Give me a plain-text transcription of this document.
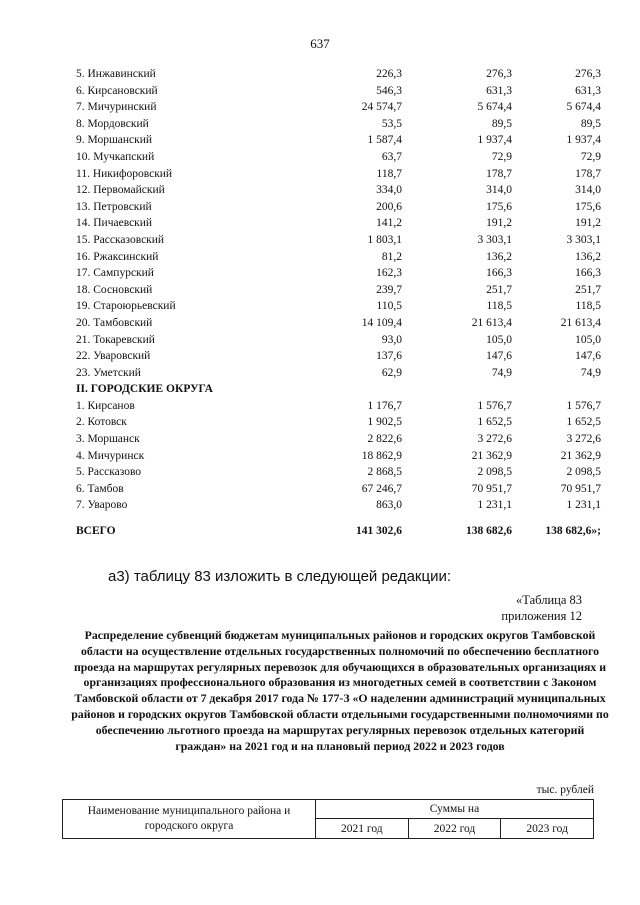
637
5. Инжавинский	226,3	276,3	276,3
6. Кирсановский	546,3	631,3	631,3
7. Мичуринский	24 574,7	5 674,4	5 674,4
8. Мордовский	53,5	89,5	89,5
9. Моршанский	1 587,4	1 937,4	1 937,4
10. Мучкапский	63,7	72,9	72,9
11. Никифоровский	118,7	178,7	178,7
12. Первомайский	334,0	314,0	314,0
13. Петровский	200,6	175,6	175,6
14. Пичаевский	141,2	191,2	191,2
15. Рассказовский	1 803,1	3 303,1	3 303,1
16. Ржаксинский	81,2	136,2	136,2
17. Сампурский	162,3	166,3	166,3
18. Сосновский	239,7	251,7	251,7
19. Староюрьевский	110,5	118,5	118,5
20. Тамбовский	14 109,4	21 613,4	21 613,4
21. Токаревский	93,0	105,0	105,0
22. Уваровский	137,6	147,6	147,6
23. Уметский	62,9	74,9	74,9
II. ГОРОДСКИЕ ОКРУГА			
1. Кирсанов	1 176,7	1 576,7	1 576,7
2. Котовск	1 902,5	1 652,5	1 652,5
3. Моршанск	2 822,6	3 272,6	3 272,6
4. Мичуринск	18 862,9	21 362,9	21 362,9
5. Рассказово	2 868,5	2 098,5	2 098,5
6. Тамбов	67 246,7	70 951,7	70 951,7
7. Уварово	863,0	1 231,1	1 231,1
ВСЕГО	141 302,6	138 682,6	138 682,6»;
а3) таблицу 83 изложить в следующей редакции:
«Таблица 83
приложения 12
Распределение субвенций бюджетам муниципальных районов и городских округов Тамбовской области на осуществление отдельных государственных полномочий по обеспечению бесплатного проезда на маршрутах регулярных перевозок для обучающихся в образовательных организациях и организациях профессионального образования из многодетных семей в соответствии с Законом Тамбовской области от 7 декабря 2017 года № 177-З «О наделении администраций муниципальных районов и городских округов Тамбовской области отдельными государственными полномочиями по обеспечению льготного проезда на маршрутах регулярных перевозок отдельных категорий граждан» на 2021 год и на плановый период 2022 и 2023 годов
тыс. рублей
Наименование муниципального района и городского округа	Суммы на		
	2021 год	2022 год	2023 год
